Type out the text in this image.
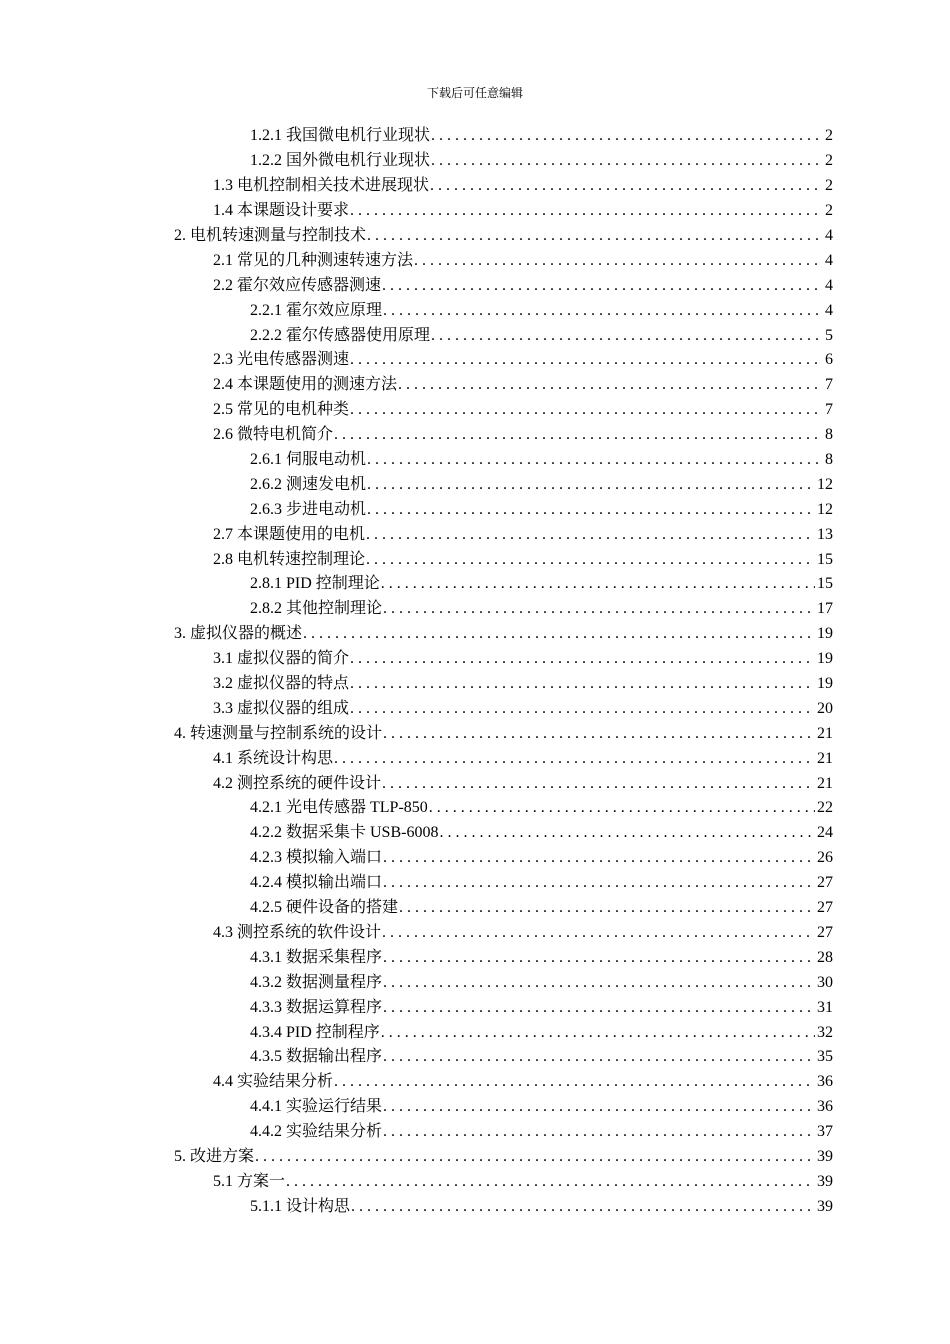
下载后可任意编辑
1.2.1 我国微电机行业现状 . . .	2
1.2.2 国外微电机行业现状 . . .	2
1.3 电机控制相关技术进展现状 . . .	2
1.4 本课题设计要求 . . .	2
2. 电机转速测量与控制技术 . . .	4
2.1 常见的几种测速转速方法 . . .	4
2.2 霍尔效应传感器测速 . . .	4
2.2.1 霍尔效应原理 . . .	4
2.2.2 霍尔传感器使用原理 . . .	5
2.3 光电传感器测速 . . .	6
2.4 本课题使用的测速方法 . . .	7
2.5 常见的电机种类 . . .	7
2.6 微特电机简介 . . .	8
2.6.1 伺服电动机 . . .	8
2.6.2 测速发电机 . . .	12
2.6.3 步进电动机 . . .	12
2.7 本课题使用的电机 . . .	13
2.8 电机转速控制理论 . . .	15
2.8.1 PID 控制理论 . . .	15
2.8.2 其他控制理论 . . .	17
3. 虚拟仪器的概述 . . .	19
3.1 虚拟仪器的简介 . . .	19
3.2 虚拟仪器的特点 . . .	19
3.3 虚拟仪器的组成 . . .	20
4. 转速测量与控制系统的设计 . . .	21
4.1 系统设计构思 . . .	21
4.2 测控系统的硬件设计 . . .	21
4.2.1 光电传感器 TLP-850 . . .	22
4.2.2 数据采集卡 USB-6008 . . .	24
4.2.3 模拟输入端口 . . .	26
4.2.4 模拟输出端口 . . .	27
4.2.5 硬件设备的搭建 . . .	27
4.3 测控系统的软件设计 . . .	27
4.3.1 数据采集程序 . . .	28
4.3.2 数据测量程序 . . .	30
4.3.3 数据运算程序 . . .	31
4.3.4 PID 控制程序 . . .	32
4.3.5 数据输出程序 . . .	35
4.4 实验结果分析 . . .	36
4.4.1 实验运行结果 . . .	36
4.4.2 实验结果分析 . . .	37
5. 改进方案 . . .	39
5.1 方案一 . . .	39
5.1.1 设计构思 . . .	39
